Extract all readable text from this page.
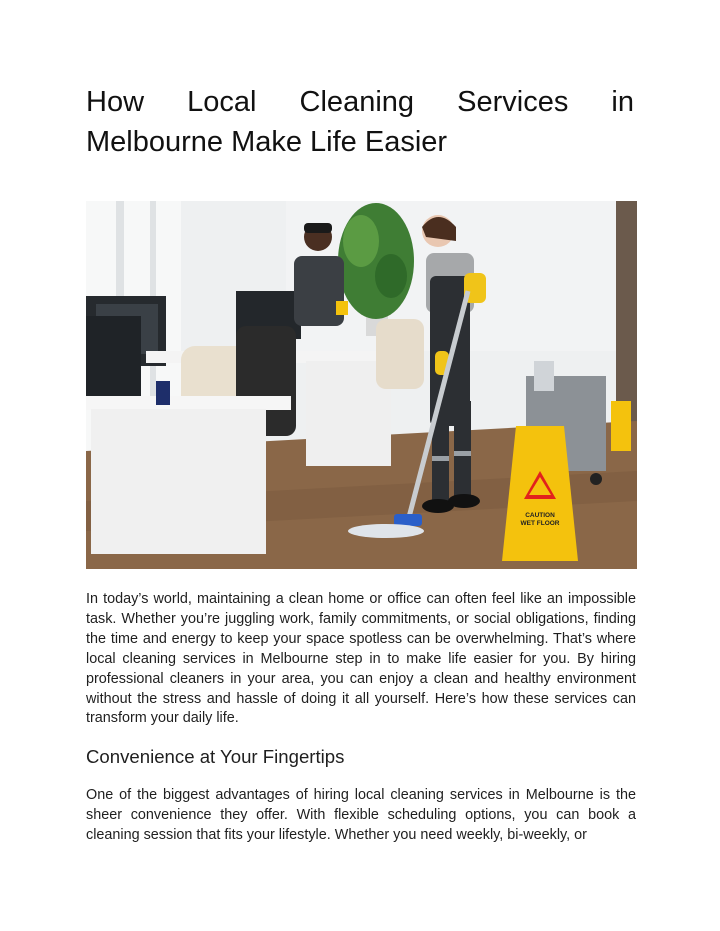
How Local Cleaning Services in
Melbourne Make Life Easier
CAUTION
WET FLOOR

In today’s world, maintaining a clean home or office can often feel like an impossible task. Whether you’re juggling work, family commitments, or social obligations, finding the time and energy to keep your space spotless can be overwhelming. That’s where local cleaning services in Melbourne step in to make life easier for you. By hiring professional cleaners in your area, you can enjoy a clean and healthy environment without the stress and hassle of doing it all yourself. Here’s how these services can transform your daily life.

Convenience at Your Fingertips

One of the biggest advantages of hiring local cleaning services in Melbourne is the sheer convenience they offer. With flexible scheduling options, you can book a cleaning session that fits your lifestyle. Whether you need weekly, bi-weekly, or
